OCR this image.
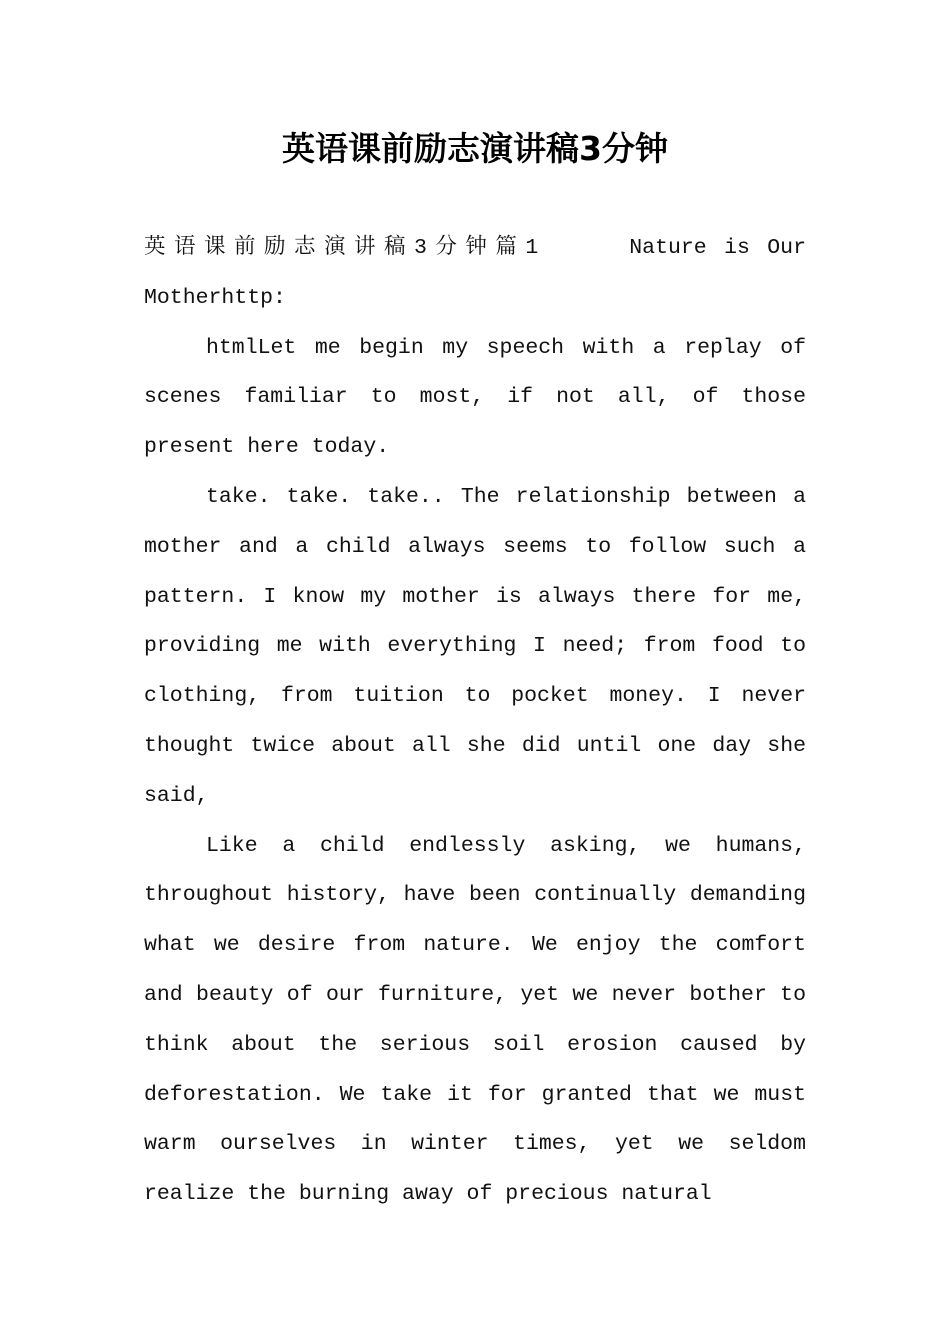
英语课前励志演讲稿3分钟

英语课前励志演讲稿3分钟篇1	Nature is Our Motherhttp:

htmlLet me begin my speech with a replay of scenes familiar to most, if not all, of those present here today.

take. take. take.. The relationship between a mother and a child always seems to follow such a pattern. I know my mother is always there for me, providing me with everything I need; from food to clothing, from tuition to pocket money. I never thought twice about all she did until one day she said,

Like a child endlessly asking, we humans, throughout history, have been continually demanding what we desire from nature. We enjoy the comfort and beauty of our furniture, yet we never bother to think about the serious soil erosion caused by deforestation. We take it for granted that we must warm ourselves in winter times, yet we seldom realize the burning away of precious natural
